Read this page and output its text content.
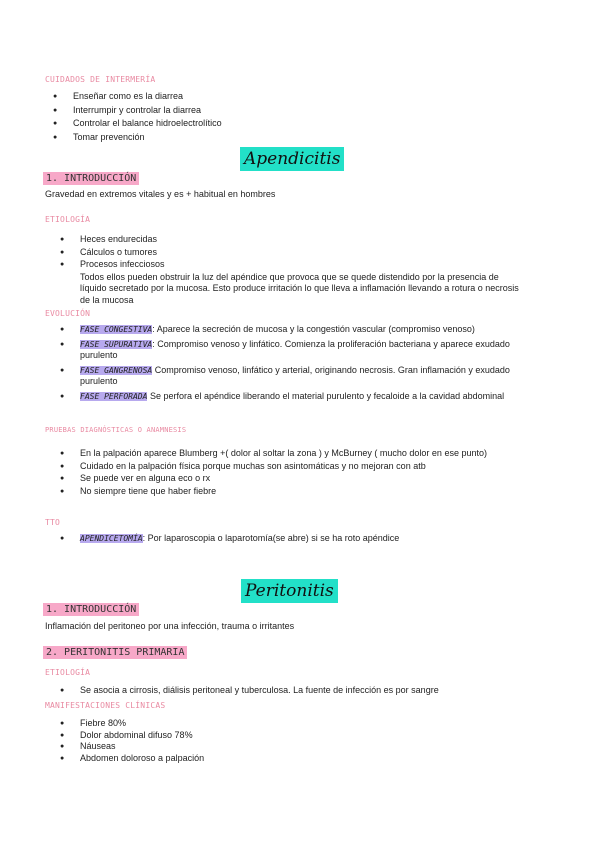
CUIDADOS DE INTERMERÍA
● Enseñar como es la diarrea
● Interrumpir y controlar la diarrea
● Controlar el balance hidroelectrolítico
● Tomar prevención
Apendicitis
1. INTRODUCCIÓN
Gravedad en extremos vitales y es + habitual en hombres
ETIOLOGÍA
● Heces endurecidas
● Cálculos o tumores
● Procesos infecciosos
Todos ellos pueden obstruir la luz del apéndice que provoca que se quede distendido por la presencia de líquido secretado por la mucosa. Esto produce irritación lo que lleva a inflamación llevando a rotura o necrosis de la mucosa
EVOLUCIÓN
● FASE CONGESTIVA: Aparece la secreción de mucosa y la congestión vascular (compromiso venoso)
● FASE SUPURATIVA: Compromiso venoso y linfático. Comienza la proliferación bacteriana y aparece exudado purulento
● FASE GANGRENOSA Compromiso venoso, linfático y arterial, originando necrosis. Gran inflamación y exudado purulento
● FASE PERFORADA Se perfora el apéndice liberando el material purulento y fecaloide a la cavidad abdominal
PRUEBAS DIAGNÓSTICAS O ANAMNESIS
● En la palpación aparece Blumberg +( dolor al soltar la zona ) y McBurney ( mucho dolor en ese punto)
● Cuidado en la palpación física porque muchas son asintomáticas y no mejoran con atb
● Se puede ver en alguna eco o rx
● No siempre tiene que haber fiebre
TTO
● APENDICETOMÍA: Por laparoscopia o laparotomía(se abre) si se ha roto apéndice
Peritonitis
1. INTRODUCCIÓN
Inflamación del peritoneo por una infección, trauma o irritantes
2. PERITONITIS PRIMARIA
ETIOLOGÍA
● Se asocia a cirrosis, diálisis peritoneal y tuberculosa. La fuente de infección es por sangre
MANIFESTACIONES CLÍNICAS
● Fiebre 80%
● Dolor abdominal difuso 78%
● Náuseas
● Abdomen doloroso a palpación
